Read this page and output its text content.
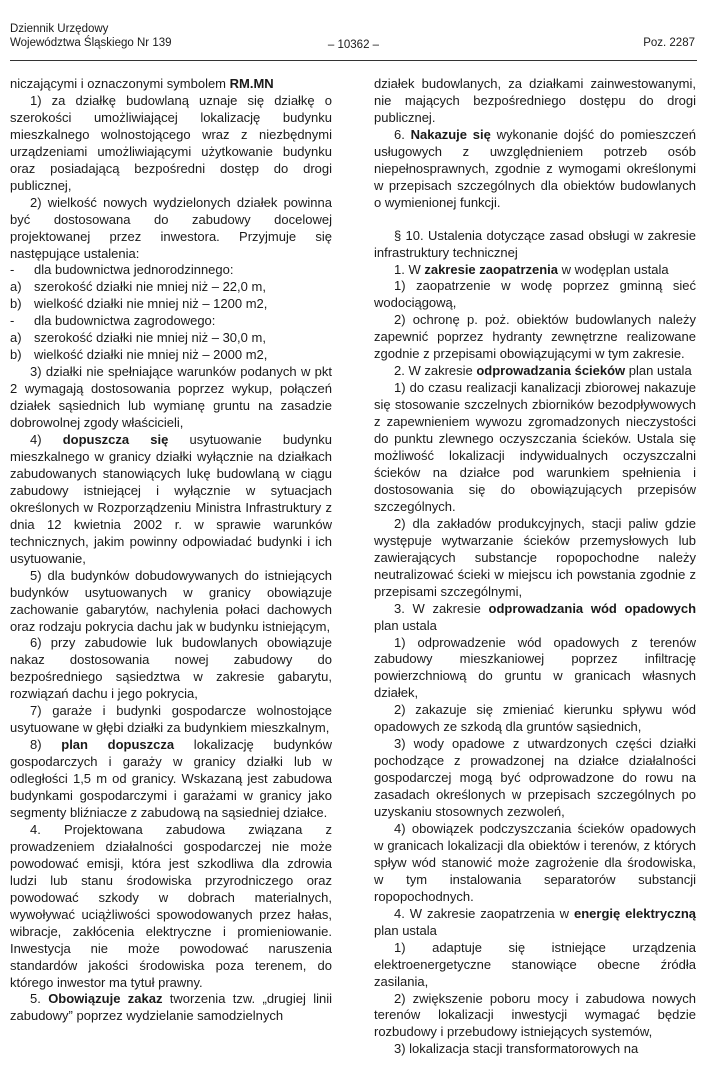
Dziennik Urzędowy
Województwa Śląskiego Nr 139	– 10362 –	Poz. 2287

niczającymi i oznaczonymi symbolem RM.MN

1) za działkę budowlaną uznaje się działkę o szerokości umożliwiającej lokalizację budynku mieszkalnego wolnostojącego wraz z niezbędnymi urządzeniami umożliwiającymi użytkowanie budynku oraz posiadającą bezpośredni dostęp do drogi publicznej,

2) wielkość nowych wydzielonych działek powinna być dostosowana do zabudowy docelowej projektowanej przez inwestora. Przyjmuje się następujące ustalenia:

- dla budownictwa jednorodzinnego:

a) szerokość działki nie mniej niż – 22,0 m,

b) wielkość działki nie mniej niż – 1200 m2,

- dla budownictwa zagrodowego:

a) szerokość działki nie mniej niż – 30,0 m,

b) wielkość działki nie mniej niż – 2000 m2,

3) działki nie spełniające warunków podanych w pkt 2 wymagają dostosowania poprzez wykup, połączeń działek sąsiednich lub wymianę gruntu na zasadzie dobrowolnej zgody właścicieli,

4) dopuszcza się usytuowanie budynku mieszkalnego w granicy działki wyłącznie na działkach zabudowanych stanowiących lukę budowlaną w ciągu zabudowy istniejącej i wyłącznie w sytuacjach określonych w Rozporządzeniu Ministra Infrastruktury z dnia 12 kwietnia 2002 r. w sprawie warunków technicznych, jakim powinny odpowiadać budynki i ich usytuowanie,

5) dla budynków dobudowywanych do istniejących budynków usytuowanych w granicy obowiązuje zachowanie gabarytów, nachylenia połaci dachowych oraz rodzaju pokrycia dachu jak w budynku istniejącym,

6) przy zabudowie luk budowlanych obowiązuje nakaz dostosowania nowej zabudowy do bezpośredniego sąsiedztwa w zakresie gabarytu, rozwiązań dachu i jego pokrycia,

7) garaże i budynki gospodarcze wolnostojące usytuowane w głębi działki za budynkiem mieszkalnym,

8) plan dopuszcza lokalizację budynków gospodarczych i garaży w granicy działki lub w odległości 1,5 m od granicy. Wskazaną jest zabudowa budynkami gospodarczymi i garażami w granicy jako segmenty bliźniacze z zabudową na sąsiedniej działce.

4. Projektowana zabudowa związana z prowadzeniem działalności gospodarczej nie może powodować emisji, która jest szkodliwa dla zdrowia ludzi lub stanu środowiska przyrodniczego oraz powodować szkody w dobrach materialnych, wywoływać uciążliwości spowodowanych przez hałas, wibracje, zakłócenia elektryczne i promieniowanie. Inwestycja nie może powodować naruszenia standardów jakości środowiska poza terenem, do którego inwestor ma tytuł prawny.

5. Obowiązuje zakaz tworzenia tzw. „drugiej linii zabudowy” poprzez wydzielanie samodzielnych

działek budowlanych, za działkami zainwestowanymi, nie mających bezpośredniego dostępu do drogi publicznej.

6. Nakazuje się wykonanie dojść do pomieszczeń usługowych z uwzględnieniem potrzeb osób niepełnosprawnych, zgodnie z wymogami określonymi w przepisach szczególnych dla obiektów budowlanych o wymienionej funkcji.

§ 10. Ustalenia dotyczące zasad obsługi w zakresie infrastruktury technicznej

1. W zakresie zaopatrzenia w wodęplan ustala

1) zaopatrzenie w wodę poprzez gminną sieć wodociągową,

2) ochronę p. poż. obiektów budowlanych należy zapewnić poprzez hydranty zewnętrzne realizowane zgodnie z przepisami obowiązującymi w tym zakresie.

2. W zakresie odprowadzania ścieków plan ustala

1) do czasu realizacji kanalizacji zbiorowej nakazuje się stosowanie szczelnych zbiorników bezodpływowych z zapewnieniem wywozu zgromadzonych nieczystości do punktu zlewnego oczyszczania ścieków. Ustala się możliwość lokalizacji indywidualnych oczyszczalni ścieków na działce pod warunkiem spełnienia i dostosowania się do obowiązujących przepisów szczególnych.

2) dla zakładów produkcyjnych, stacji paliw gdzie występuje wytwarzanie ścieków przemysłowych lub zawierających substancje ropopochodne należy neutralizować ścieki w miejscu ich powstania zgodnie z przepisami szczególnymi,

3. W zakresie odprowadzania wód opadowych plan ustala

1) odprowadzenie wód opadowych z terenów zabudowy mieszkaniowej poprzez infiltrację powierzchniową do gruntu w granicach własnych działek,

2) zakazuje się zmieniać kierunku spływu wód opadowych ze szkodą dla gruntów sąsiednich,

3) wody opadowe z utwardzonych części działki pochodzące z prowadzonej na działce działalności gospodarczej mogą być odprowadzone do rowu na zasadach określonych w przepisach szczególnych po uzyskaniu stosownych zezwoleń,

4) obowiązek podczyszczania ścieków opadowych w granicach lokalizacji dla obiektów i terenów, z których spływ wód stanowić może zagrożenie dla środowiska, w tym instalowania separatorów substancji ropopochodnych.

4. W zakresie zaopatrzenia w energię elektryczną plan ustala

1) adaptuje się istniejące urządzenia elektroenergetyczne stanowiące obecne źródła zasilania,

2) zwiększenie poboru mocy i zabudowa nowych terenów lokalizacji inwestycji wymagać będzie rozbudowy i przebudowy istniejących systemów,

3) lokalizacja stacji transformatorowych na
